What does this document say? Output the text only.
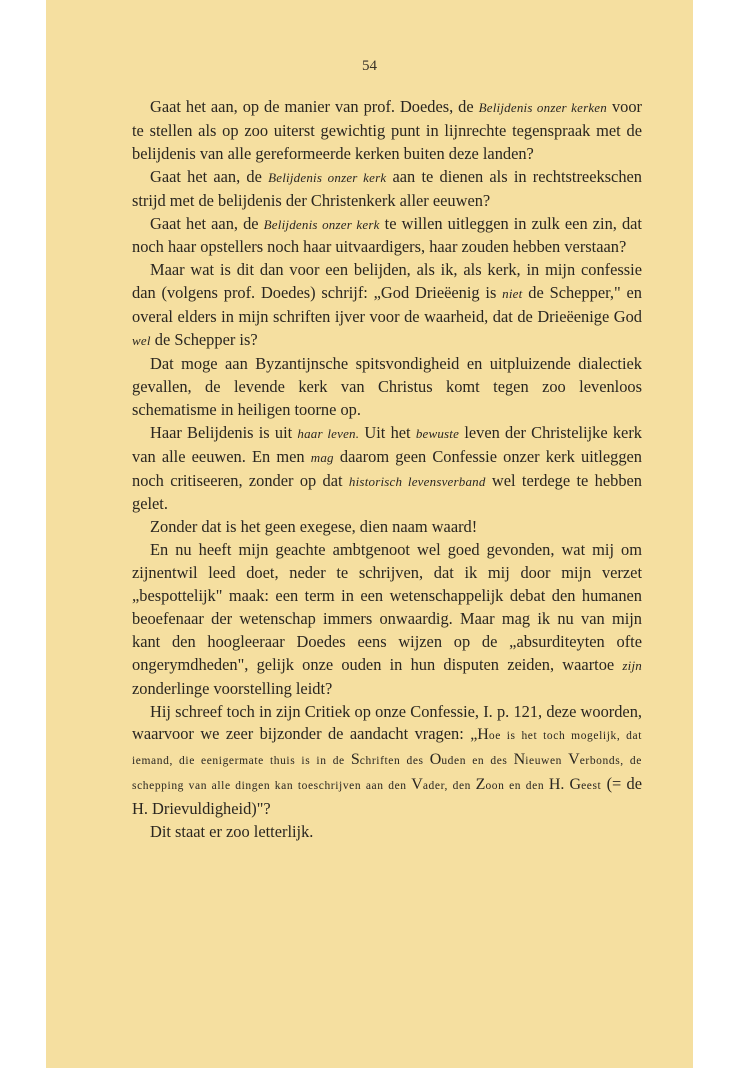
54

Gaat het aan, op de manier van prof. Doedes, de Belijdenis onzer kerken voor te stellen als op zoo uiterst gewichtig punt in lijnrechte tegenspraak met de belijdenis van alle gereformeerde kerken buiten deze landen?

Gaat het aan, de Belijdenis onzer kerk aan te dienen als in rechtstreekschen strijd met de belijdenis der Christenkerk aller eeuwen?

Gaat het aan, de Belijdenis onzer kerk te willen uitleggen in zulk een zin, dat noch haar opstellers noch haar uitvaardigers, haar zouden hebben verstaan?

Maar wat is dit dan voor een belijden, als ik, als kerk, in mijn confessie dan (volgens prof. Doedes) schrijf: „God Drieëenig is niet de Schepper," en overal elders in mijn schriften ijver voor de waarheid, dat de Drieëenige God wel de Schepper is?

Dat moge aan Byzantijnsche spitsvondigheid en uitpluizende dialectiek gevallen, de levende kerk van Christus komt tegen zoo levenloos schematisme in heiligen toorne op.

Haar Belijdenis is uit haar leven. Uit het bewuste leven der Christelijke kerk van alle eeuwen. En men mag daarom geen Confessie onzer kerk uitleggen noch critiseeren, zonder op dat historisch levensverband wel terdege te hebben gelet.

Zonder dat is het geen exegese, dien naam waard!

En nu heeft mijn geachte ambtgenoot wel goed gevonden, wat mij om zijnentwil leed doet, neder te schrijven, dat ik mij door mijn verzet „bespottelijk" maak: een term in een wetenschappelijk debat den humanen beoefenaar der wetenschap immers onwaardig. Maar mag ik nu van mijn kant den hoogleeraar Doedes eens wijzen op de „absurditeyten ofte ongerymdheden", gelijk onze ouden in hun disputen zeiden, waartoe zijn zonderlinge voorstelling leidt?

Hij schreef toch in zijn Critiek op onze Confessie, I. p. 121, deze woorden, waarvoor we zeer bijzonder de aandacht vragen: „Hoe is het toch mogelijk, dat iemand, die eenigermate thuis is in de Schriften des Ouden en des Nieuwen Verbonds, de schepping van alle dingen kan toeschrijven aan den Vader, den Zoon en den H. Geest (= de H. Drievuldigheid)"?

Dit staat er zoo letterlijk.
